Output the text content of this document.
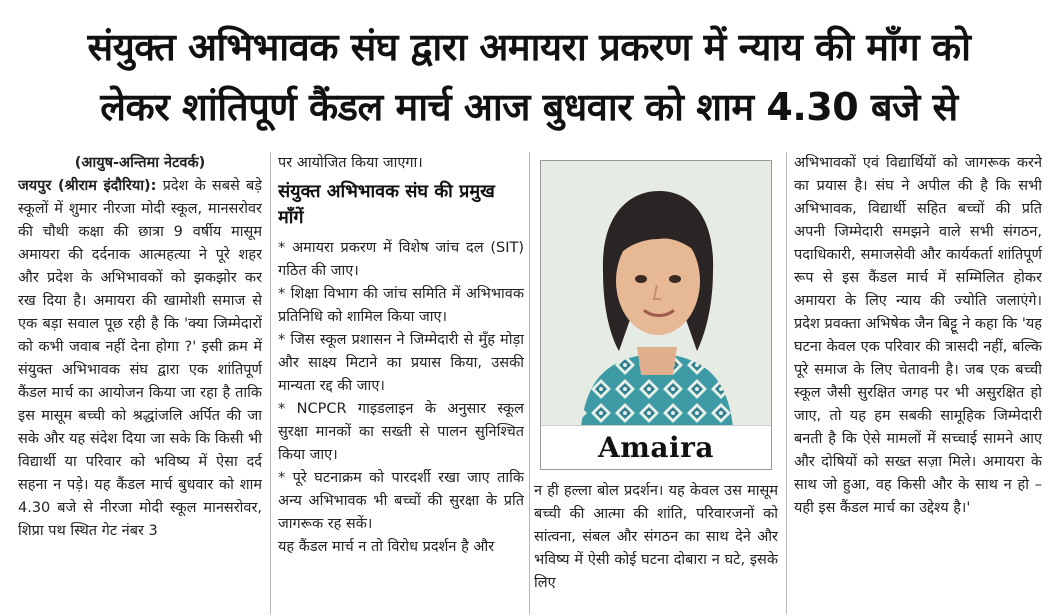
संयुक्त अभिभावक संघ द्वारा अमायरा प्रकरण में न्याय की माँग को
लेकर शांतिपूर्ण कैंडल मार्च आज बुधवार को शाम 4.30 बजे से

(आयुष-अन्तिमा नेटवर्क)

जयपुर (श्रीराम इंदौरिया): प्रदेश के सबसे बड़े स्कूलों में शुमार नीरजा मोदी स्कूल, मानसरोवर की चौथी कक्षा की छात्रा 9 वर्षीय मासूम अमायरा की दर्दनाक आत्महत्या ने पूरे शहर और प्रदेश के अभिभावकों को झकझोर कर रख दिया है। अमायरा की खामोशी समाज से एक बड़ा सवाल पूछ रही है कि 'क्या जिम्मेदारों को कभी जवाब नहीं देना होगा ?' इसी क्रम में संयुक्त अभिभावक संघ द्वारा एक शांतिपूर्ण कैंडल मार्च का आयोजन किया जा रहा है ताकि इस मासूम बच्ची को श्रद्धांजलि अर्पित की जा सके और यह संदेश दिया जा सके कि किसी भी विद्यार्थी या परिवार को भविष्य में ऐसा दर्द सहना न पड़े। यह कैंडल मार्च बुधवार को शाम 4.30 बजे से नीरजा मोदी स्कूल मानसरोवर, शिप्रा पथ स्थित गेट नंबर 3

पर आयोजित किया जाएगा।

संयुक्त अभिभावक संघ की प्रमुख माँगें

* अमायरा प्रकरण में विशेष जांच दल (SIT) गठित की जाए।

* शिक्षा विभाग की जांच समिति में अभिभावक प्रतिनिधि को शामिल किया जाए।

* जिस स्कूल प्रशासन ने जिम्मेदारी से मुँह मोड़ा और साक्ष्य मिटाने का प्रयास किया, उसकी मान्यता रद्द की जाए।

* NCPCR गाइडलाइन के अनुसार स्कूल सुरक्षा मानकों का सख्ती से पालन सुनिश्चित किया जाए।

* पूरे घटनाक्रम को पारदर्शी रखा जाए ताकि अन्य अभिभावक भी बच्चों की सुरक्षा के प्रति जागरूक रह सकें।

यह कैंडल मार्च न तो विरोध प्रदर्शन है और

Amaira

न ही हल्ला बोल प्रदर्शन। यह केवल उस मासूम बच्ची की आत्मा की शांति, परिवारजनों को सांत्वना, संबल और संगठन का साथ देने और भविष्य में ऐसी कोई घटना दोबारा न घटे, इसके लिए

अभिभावकों एवं विद्यार्थियों को जागरूक करने का प्रयास है। संघ ने अपील की है कि सभी अभिभावक, विद्यार्थी सहित बच्चों की प्रति अपनी जिम्मेदारी समझने वाले सभी संगठन, पदाधिकारी, समाजसेवी और कार्यकर्ता शांतिपूर्ण रूप से इस कैंडल मार्च में सम्मिलित होकर अमायरा के लिए न्याय की ज्योति जलाएंगे। प्रदेश प्रवक्ता अभिषेक जैन बिट्टू ने कहा कि 'यह घटना केवल एक परिवार की त्रासदी नहीं, बल्कि पूरे समाज के लिए चेतावनी है। जब एक बच्ची स्कूल जैसी सुरक्षित जगह पर भी असुरक्षित हो जाए, तो यह हम सबकी सामूहिक जिम्मेदारी बनती है कि ऐसे मामलों में सच्चाई सामने आए और दोषियों को सख्त सज़ा मिले। अमायरा के साथ जो हुआ, वह किसी और के साथ न हो – यही इस कैंडल मार्च का उद्देश्य है।'
